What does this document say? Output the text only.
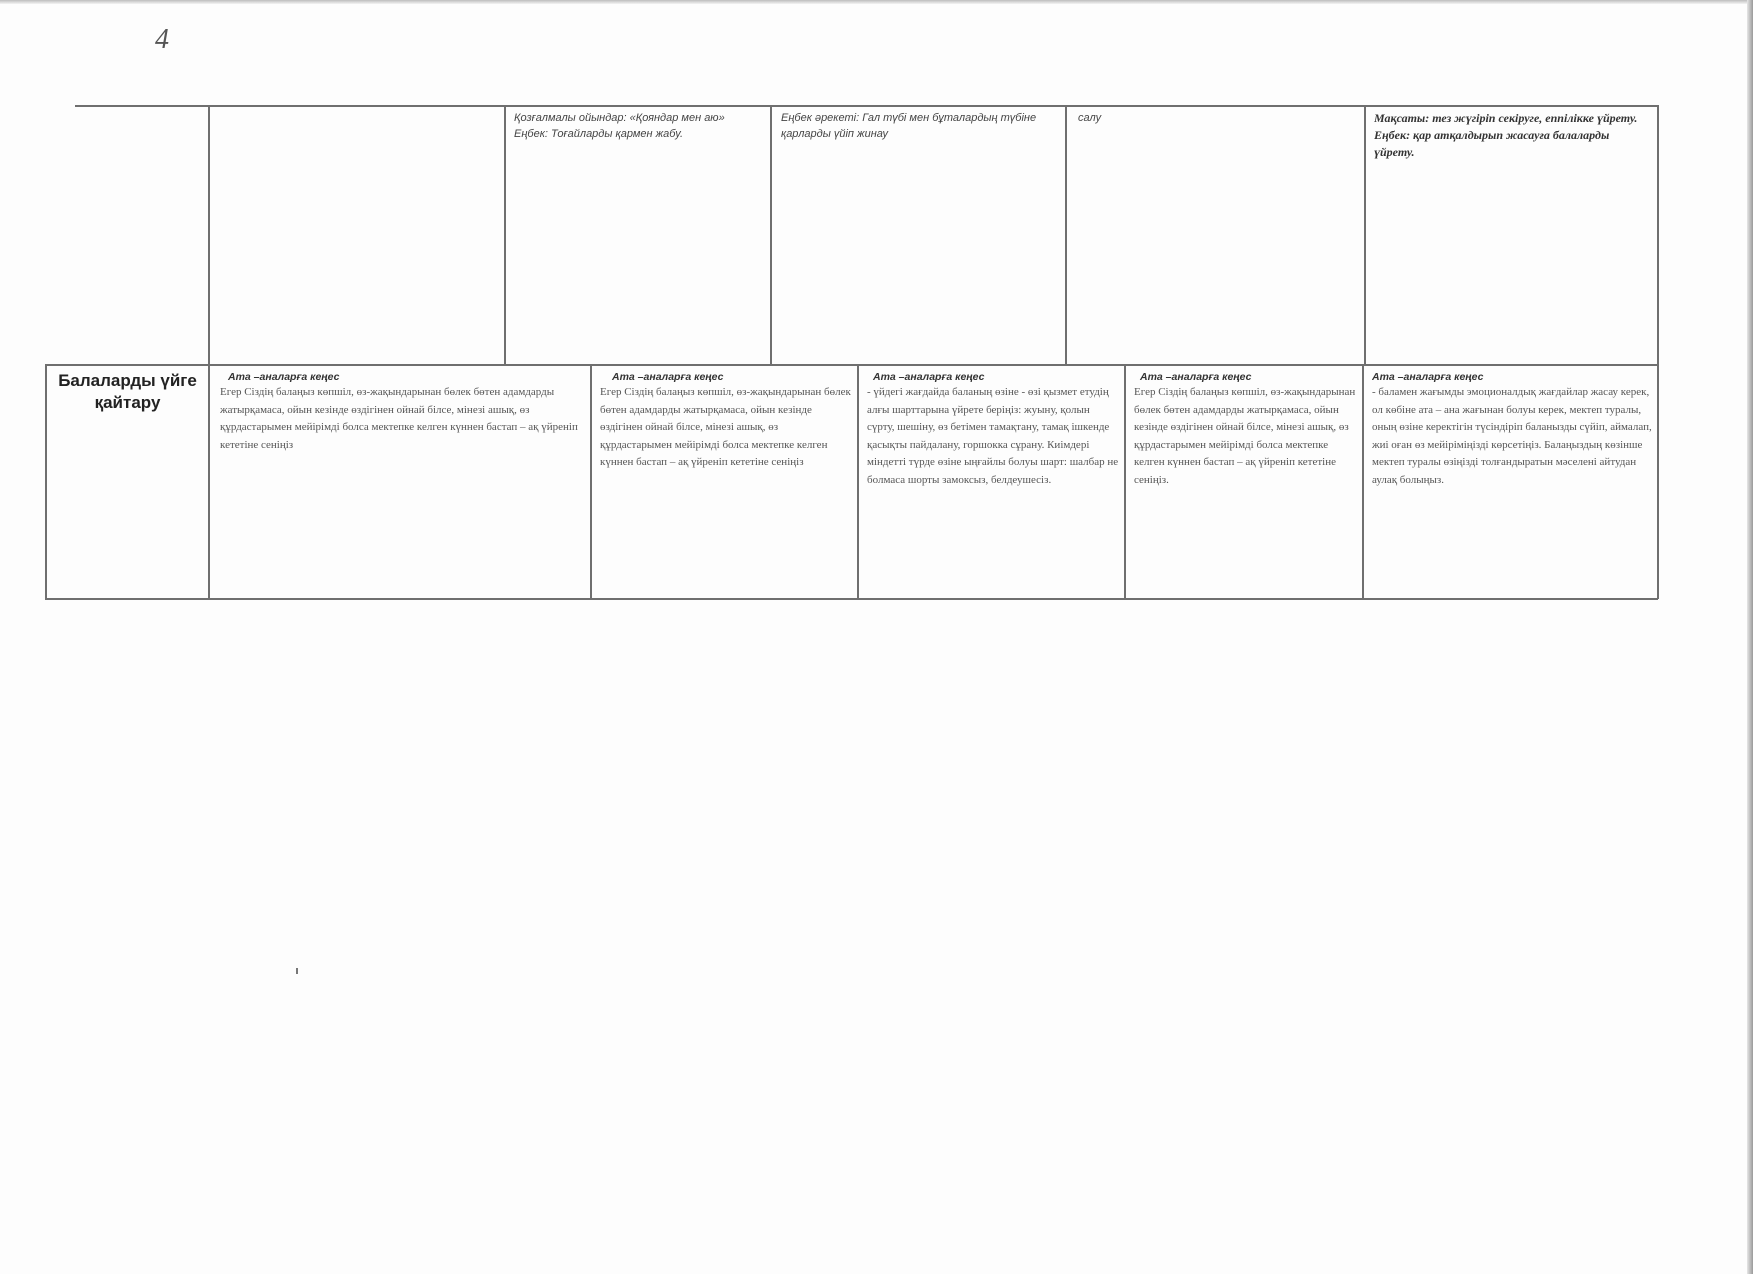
4
Қозғалмалы ойындар: «Қояндар мен аю»
Еңбек: Тоғайларды қармен жабу.
Еңбек әрекеті: Гал түбі мен бұталардың түбіне қарларды үйіп жинау
салу	Мақсаты: тез жүгіріп секіруге, еппілікке үйрету.
Еңбек: қар атқалдырып жасауға балаларды үйрету.
Балаларды үйге қайтару
Ата –аналарға кеңес
Егер Сіздің балаңыз көпшіл, өз-жақындарынан бөлек бөтен адамдарды жатырқамаса, ойын кезінде өздігінен ойнай білсе, мінезі ашық, өз құрдастарымен мейірімді болса мектепке келген күннен бастап – ақ үйреніп кететіне сеніңіз
Ата –аналарға кеңес
Егер Сіздің балаңыз көпшіл, өз-жақындарынан бөлек бөтен адамдарды жатырқамаса, ойын кезінде өздігінен ойнай білсе, мінезі ашық, өз құрдастарымен мейірімді болса мектепке келген күннен бастап – ақ үйреніп кететіне сеніңіз
Ата –аналарға кеңес
- үйдегі жағдайда баланың өзіне - өзі қызмет етудің алғы шарттарына үйрете беріңіз: жуыну, қолын сүрту, шешіну, өз бетімен тамақтану, тамақ ішкенде қасықты пайдалану, горшокка сұрану. Киімдері міндетті түрде өзіне ыңғайлы болуы шарт: шалбар не болмаса шорты замоксыз, белдеушесіз.
Ата –аналарға кеңес
Егер Сіздің балаңыз көпшіл, өз-жақындарынан бөлек бөтен адамдарды жатырқамаса, ойын кезінде өздігінен ойнай білсе, мінезі ашық, өз құрдастарымен мейірімді болса мектепке келген күннен бастап – ақ үйреніп кететіне сеніңіз.
Ата –аналарға кеңес
- баламен жағымды эмоционалдық жағдайлар жасау керек, ол көбіне ата – ана жағынан болуы керек, мектеп туралы, оның өзіне керектігін түсіндіріп баланызды сүйіп, аймалап, жиі оған өз мейіріміңізді көрсетіңіз. Балаңыздың көзінше мектеп туралы өзіңізді толғандыратын мәселені айтудан аулақ болыңыз.
